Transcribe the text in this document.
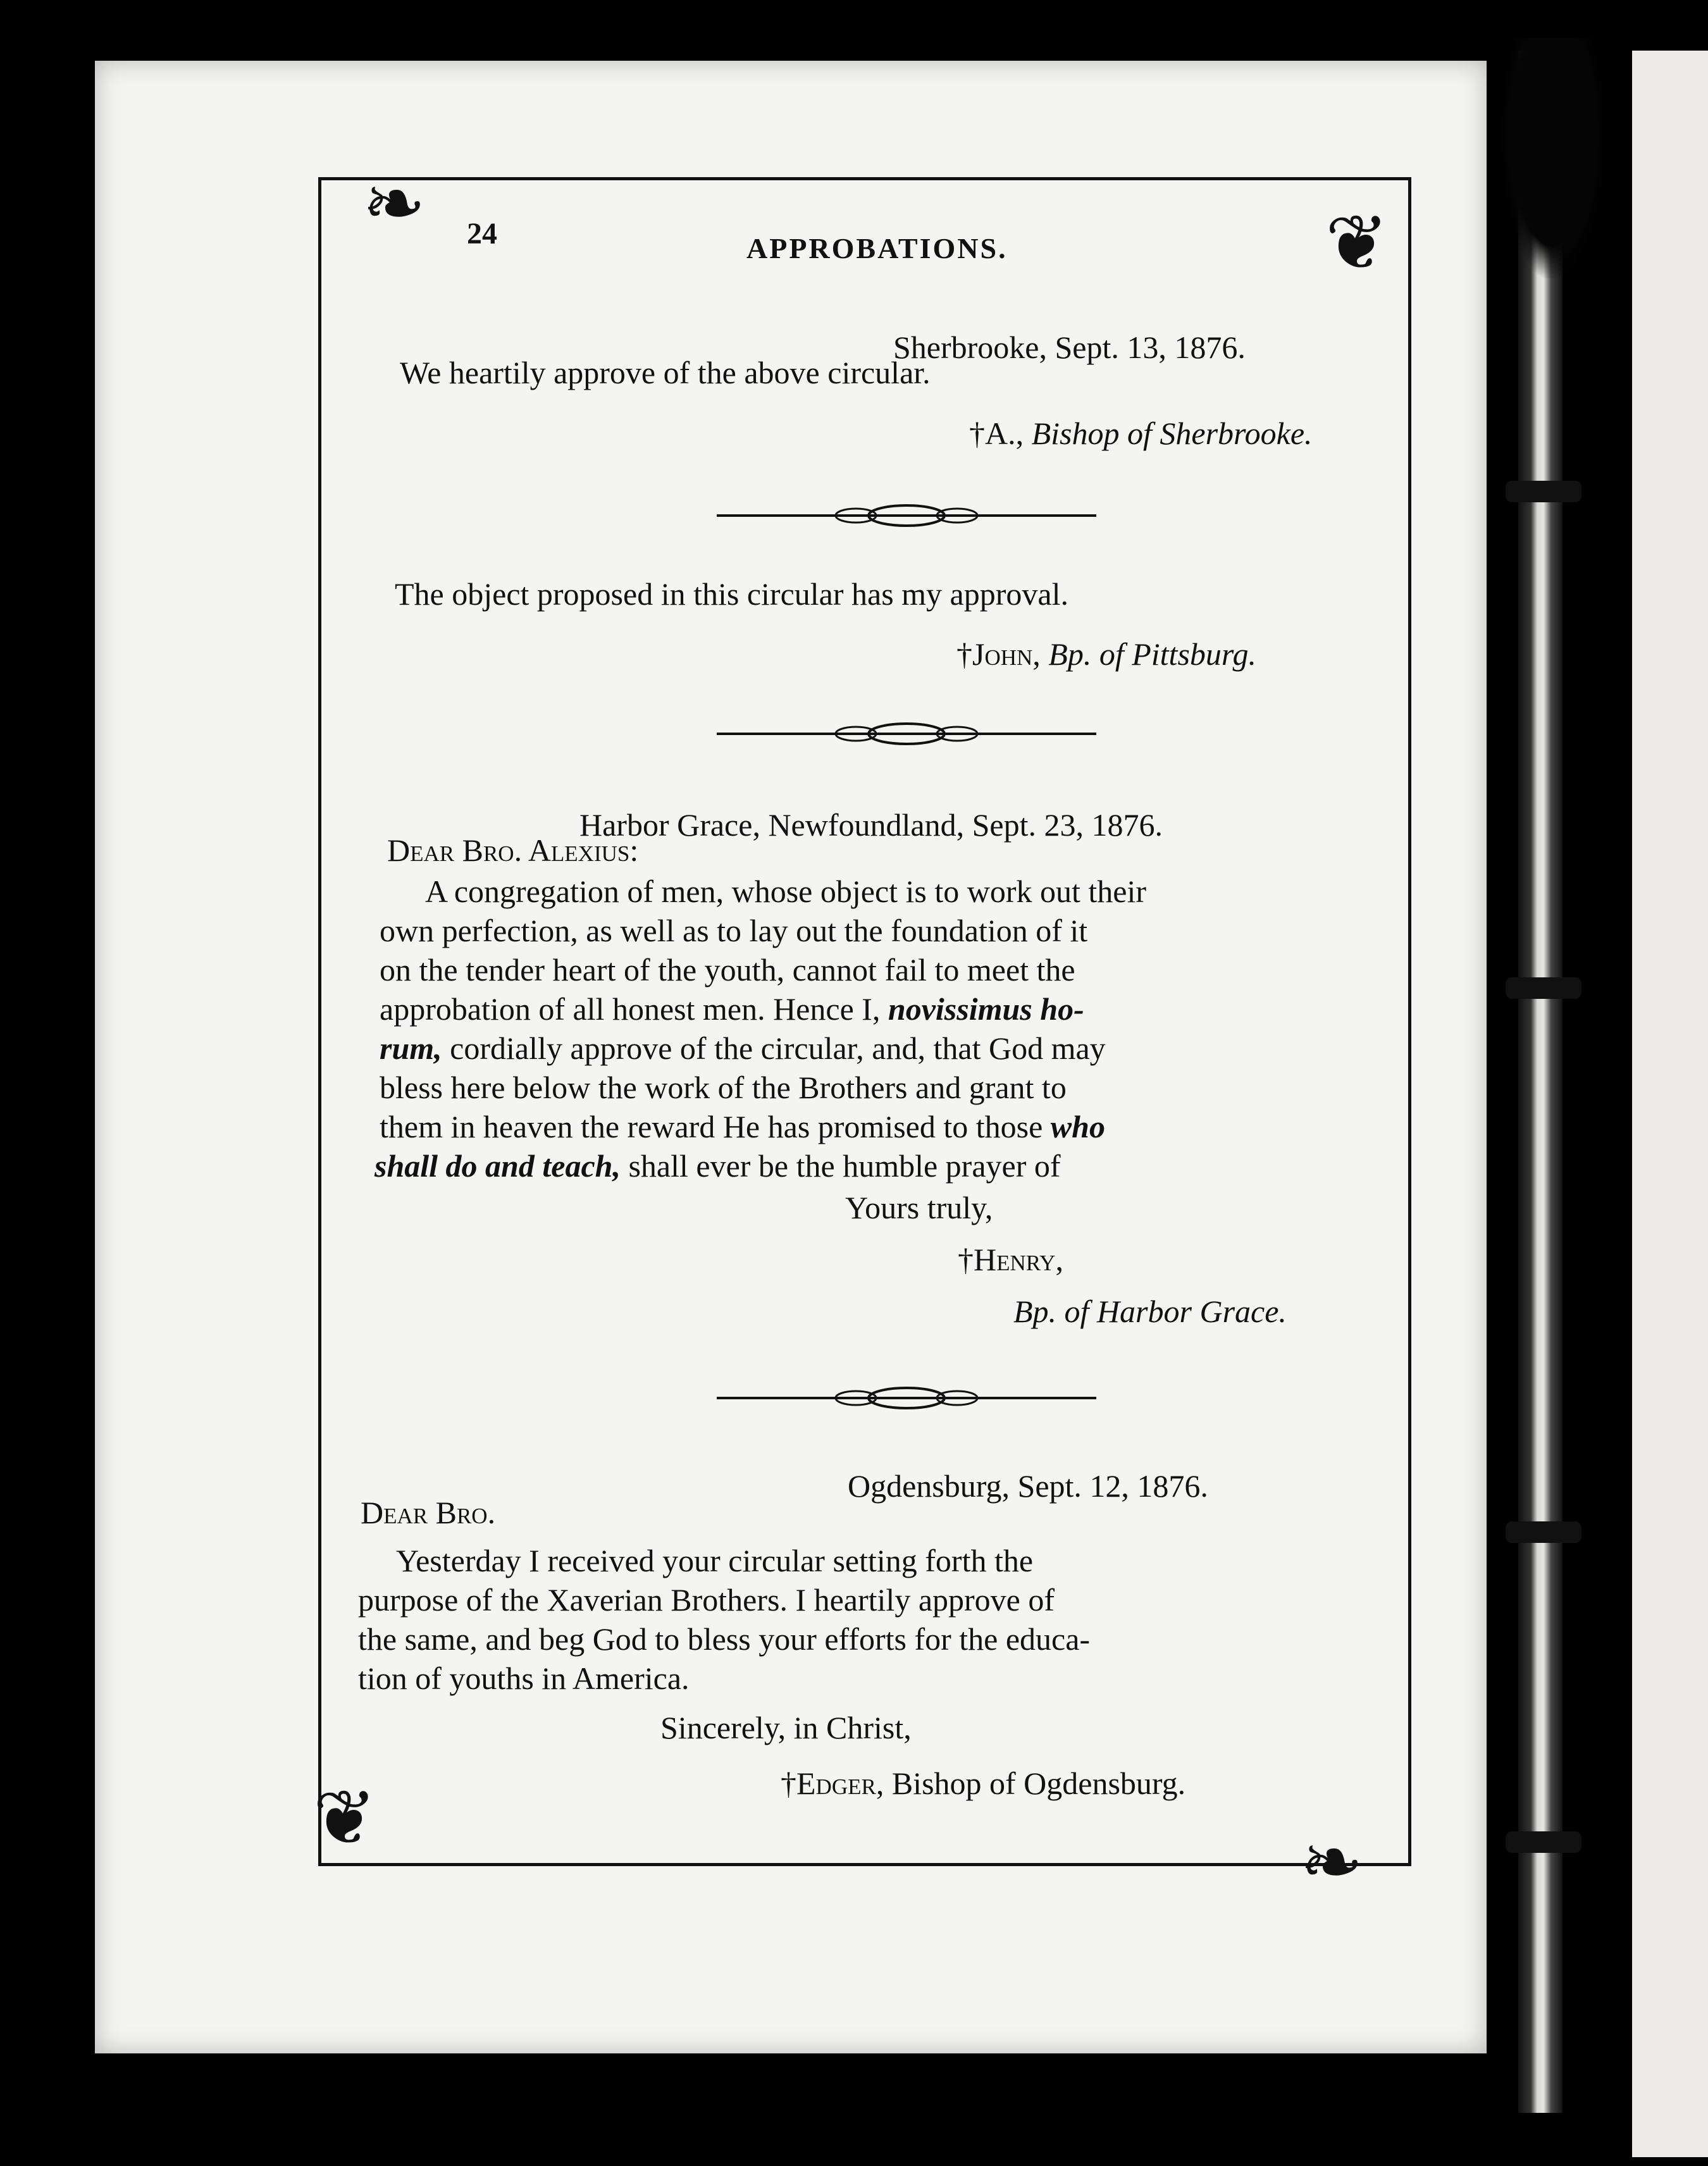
❧	❦
❦
❧
24	APPROBATIONS.
Sherbrooke, Sept. 13, 1876.
We heartily approve of the above circular.
†A., Bishop of Sherbrooke.
The object proposed in this circular has my approval.
†John, Bp. of Pittsburg.
Harbor Grace, Newfoundland, Sept. 23, 1876.
Dear Bro. Alexius:
A congregation of men, whose object is to work out their
own perfection, as well as to lay out the foundation of it
on the tender heart of the youth, cannot fail to meet the
approbation of all honest men. Hence I, novissimus ho-
rum, cordially approve of the circular, and, that God may
bless here below the work of the Brothers and grant to
them in heaven the reward He has promised to those who
shall do and teach, shall ever be the humble prayer of
Yours truly,
†Henry,
Bp. of Harbor Grace.
Ogdensburg, Sept. 12, 1876.
Dear Bro.
Yesterday I received your circular setting forth the
purpose of the Xaverian Brothers. I heartily approve of
the same, and beg God to bless your efforts for the educa-
tion of youths in America.
Sincerely, in Christ,
†Edger, Bishop of Ogdensburg.
